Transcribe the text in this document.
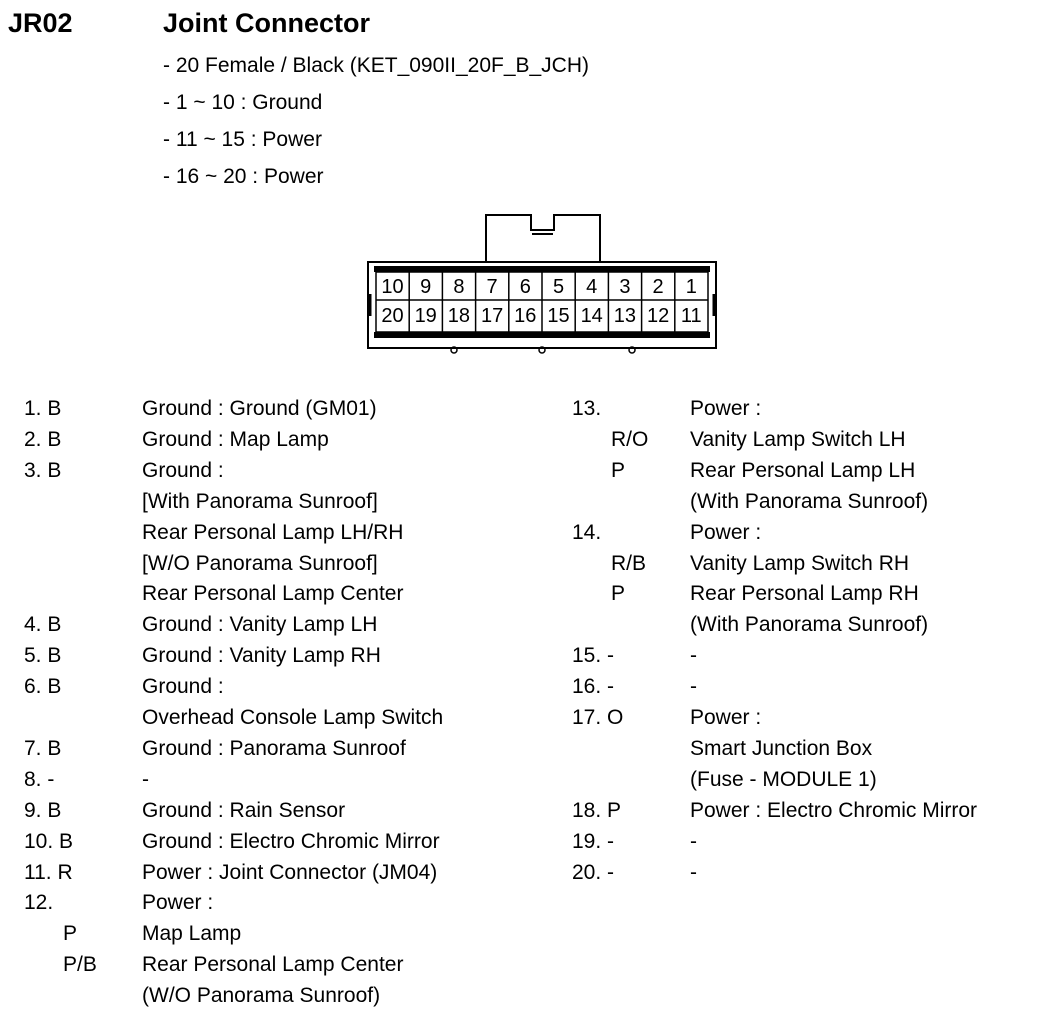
JR02	Joint Connector
- 20 Female / Black (KET_090II_20F_B_JCH)
- 1 ~ 10 : Ground
- 11 ~ 15 : Power
- 16 ~ 20 : Power
10 9	8	7	6	5	4	3	2	1
20 19 18 17 16 15 14 13 12 11
1. B	Ground : Ground (GM01)
2. B	Ground : Map Lamp
3. B	Ground :
[With Panorama Sunroof]
Rear Personal Lamp LH/RH
[W/O Panorama Sunroof]
Rear Personal Lamp Center
4. B	Ground : Vanity Lamp LH
5. B	Ground : Vanity Lamp RH
6. B	Ground :
Overhead Console Lamp Switch
7. B	Ground : Panorama Sunroof
8. -	-
9. B	Ground : Rain Sensor
10. B	Ground : Electro Chromic Mirror
11. R	Power : Joint Connector (JM04)
12.	Power :
P	Map Lamp
P/B Rear Personal Lamp Center
(W/O Panorama Sunroof)
13.	Power :
R/O Vanity Lamp Switch LH
P	Rear Personal Lamp LH
(With Panorama Sunroof)
14.	Power :
R/B Vanity Lamp Switch RH
P	Rear Personal Lamp RH
(With Panorama Sunroof)
15. -	-
16. -	-
17. O	Power :
Smart Junction Box
(Fuse - MODULE 1)
18. P	Power : Electro Chromic Mirror
19. -	-
20. -	-
